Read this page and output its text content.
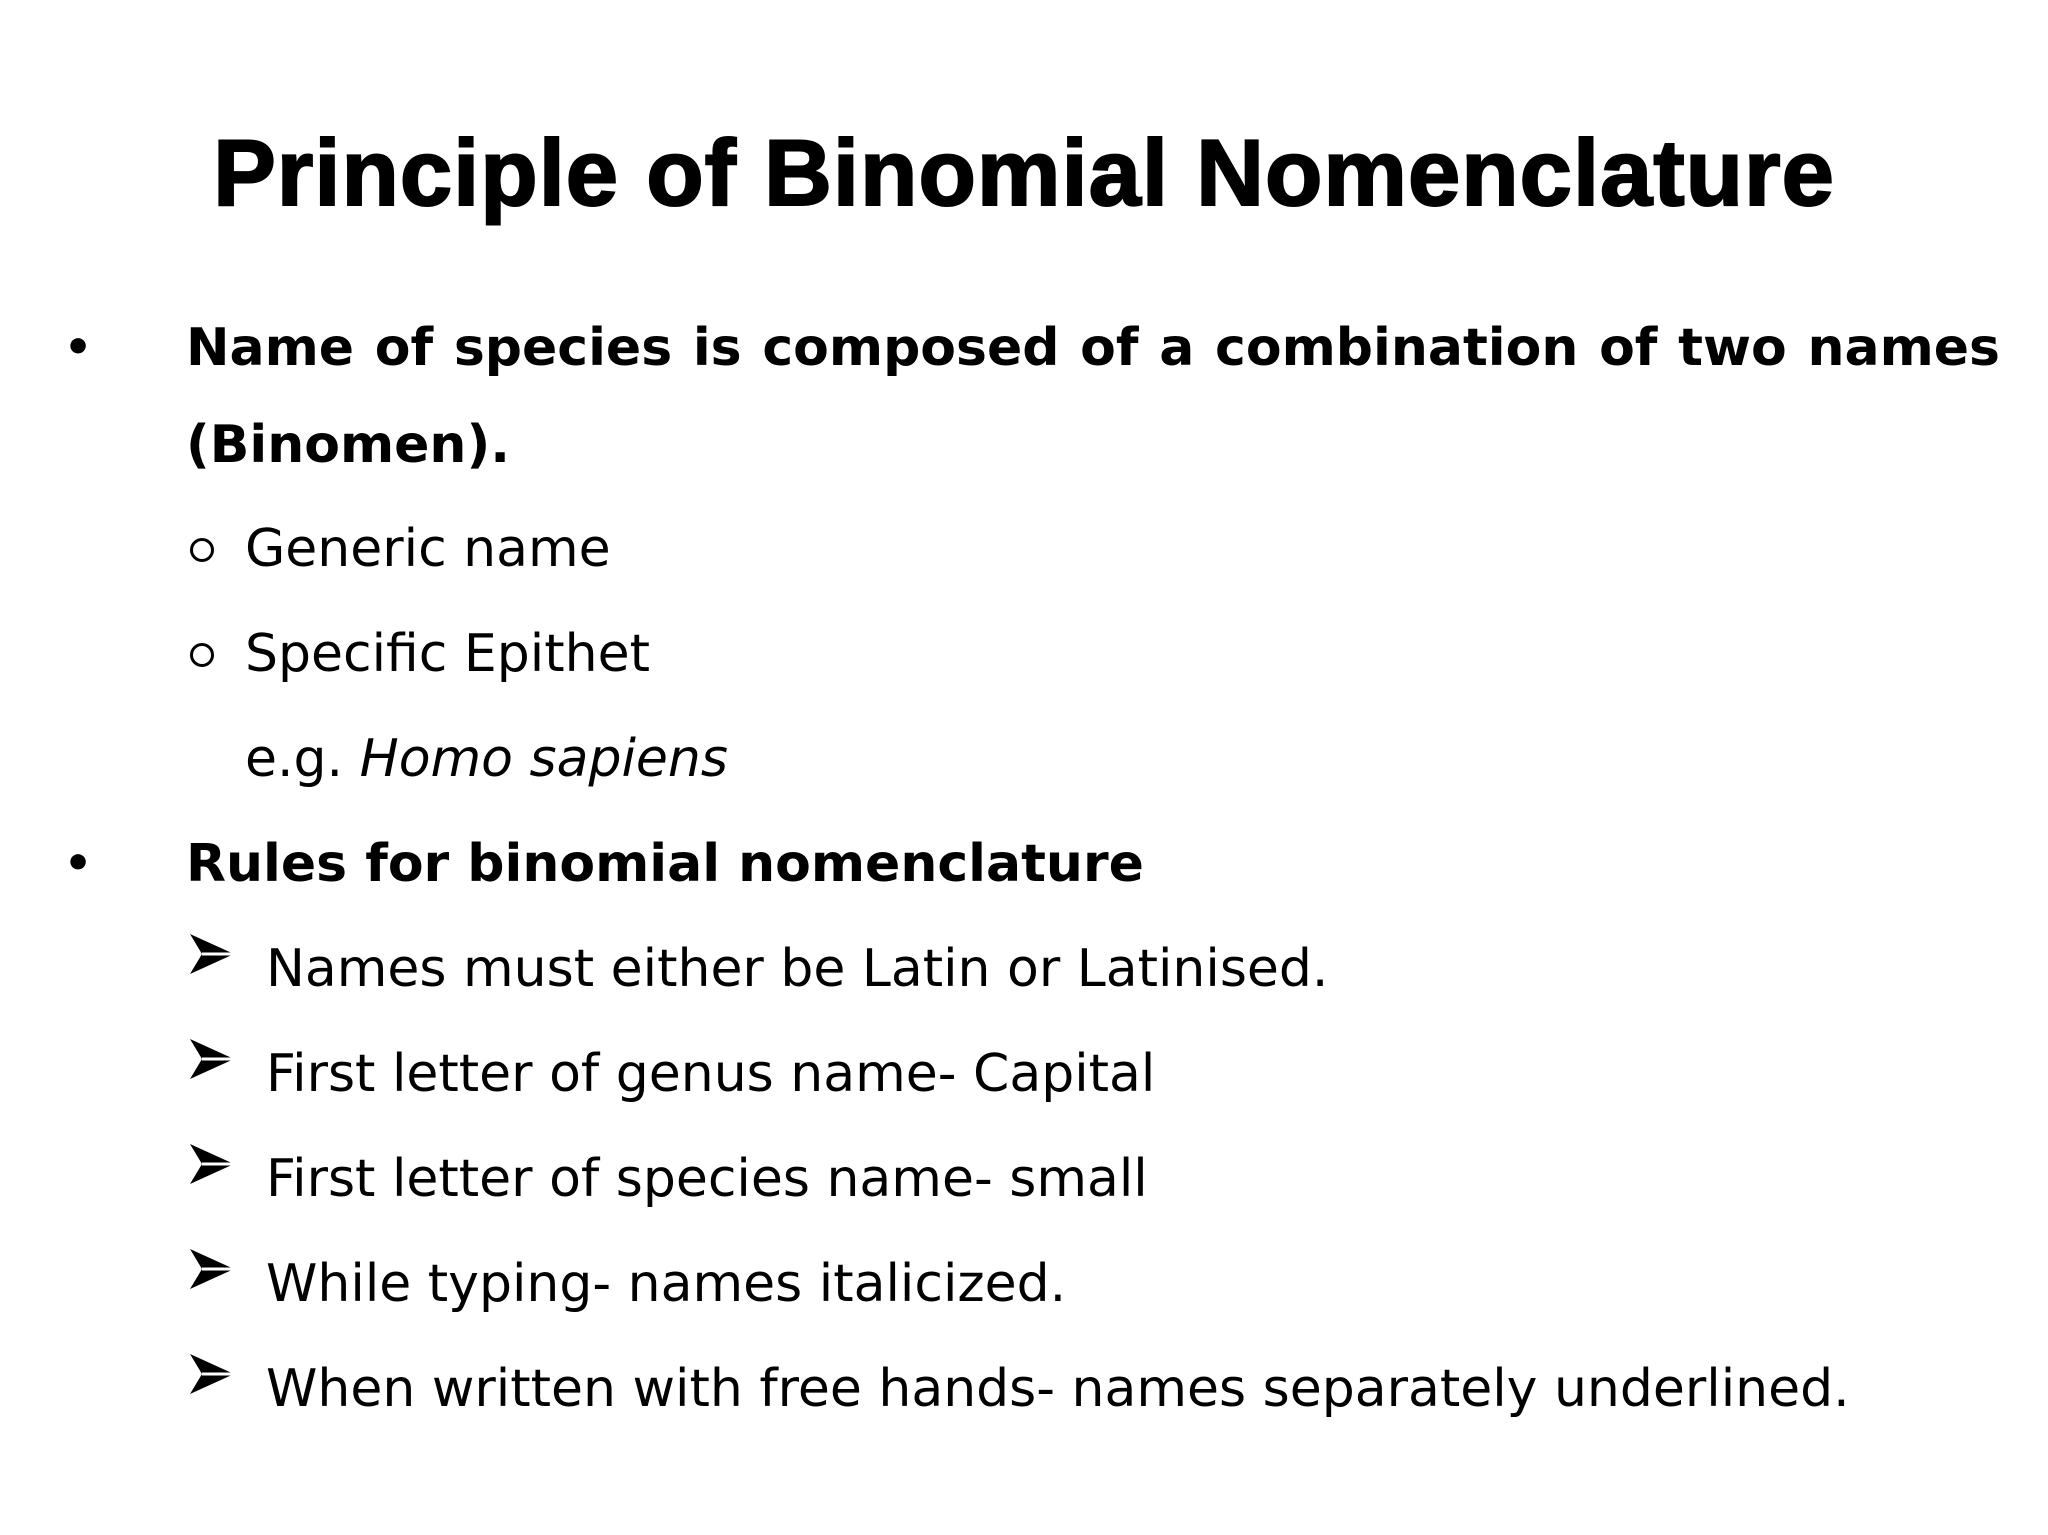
Principle of Binomial Nomenclature
• Name of species is composed of a combination of two names
(Binomen).
Generic name
Specific Epithet
e.g. Homo sapiens
• Rules for binomial nomenclature
Names must either be Latin or Latinised.
First letter of genus name- Capital
First letter of species name- small
While typing- names italicized.
When written with free hands- names separately underlined.
